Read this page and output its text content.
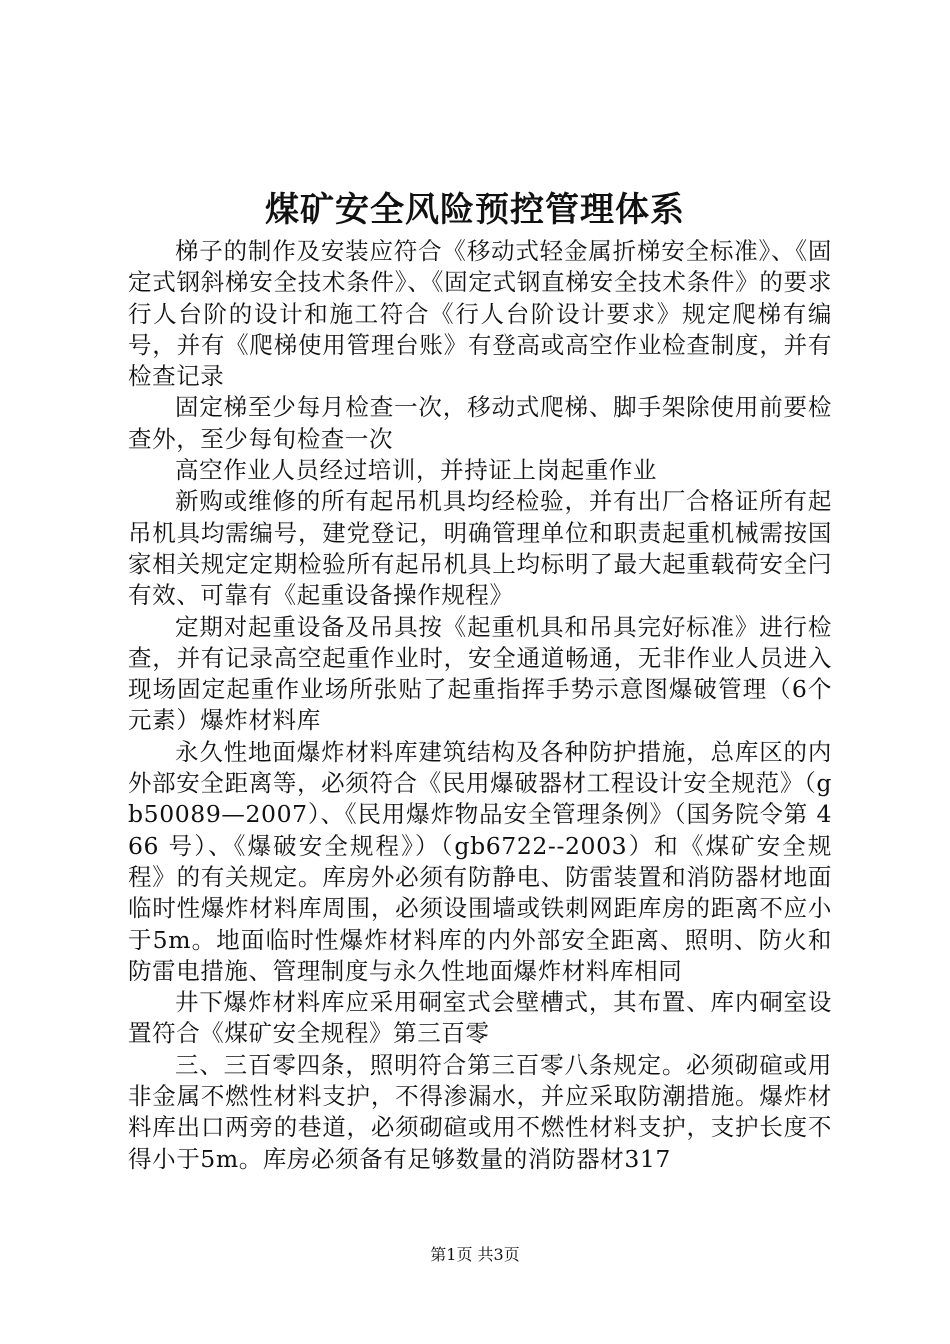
煤矿安全风险预控管理体系

梯子的制作及安装应符合《移动式轻金属折梯安全标准》、《固定式钢斜梯安全技术条件》、《固定式钢直梯安全技术条件》的要求行人台阶的设计和施工符合《行人台阶设计要求》规定爬梯有编号，并有《爬梯使用管理台账》有登高或高空作业检查制度，并有检查记录

固定梯至少每月检查一次，移动式爬梯、脚手架除使用前要检查外，至少每旬检查一次

高空作业人员经过培训，并持证上岗起重作业

新购或维修的所有起吊机具均经检验，并有出厂合格证所有起吊机具均需编号，建党登记，明确管理单位和职责起重机械需按国家相关规定定期检验所有起吊机具上均标明了最大起重载荷安全闩有效、可靠有《起重设备操作规程》

定期对起重设备及吊具按《起重机具和吊具完好标准》进行检查，并有记录高空起重作业时，安全通道畅通，无非作业人员进入现场固定起重作业场所张贴了起重指挥手势示意图爆破管理（6个元素）爆炸材料库

永久性地面爆炸材料库建筑结构及各种防护措施，总库区的内外部安全距离等，必须符合《民用爆破器材工程设计安全规范》（gb50089—2007）、《民用爆炸物品安全管理条例》（国务院令第 466 号）、《爆破安全规程》）（gb6722--2003）和《煤矿安全规程》的有关规定。库房外必须有防静电、防雷装置和消防器材地面临时性爆炸材料库周围，必须设围墙或铁刺网距库房的距离不应小于5m。地面临时性爆炸材料库的内外部安全距离、照明、防火和防雷电措施、管理制度与永久性地面爆炸材料库相同

井下爆炸材料库应采用硐室式会壁槽式，其布置、库内硐室设置符合《煤矿安全规程》第三百零

三、三百零四条，照明符合第三百零八条规定。必须砌碹或用非金属不燃性材料支护，不得渗漏水，并应采取防潮措施。爆炸材料库出口两旁的巷道，必须砌碹或用不燃性材料支护，支护长度不得小于5m。库房必须备有足够数量的消防器材317

第1页 共3页
